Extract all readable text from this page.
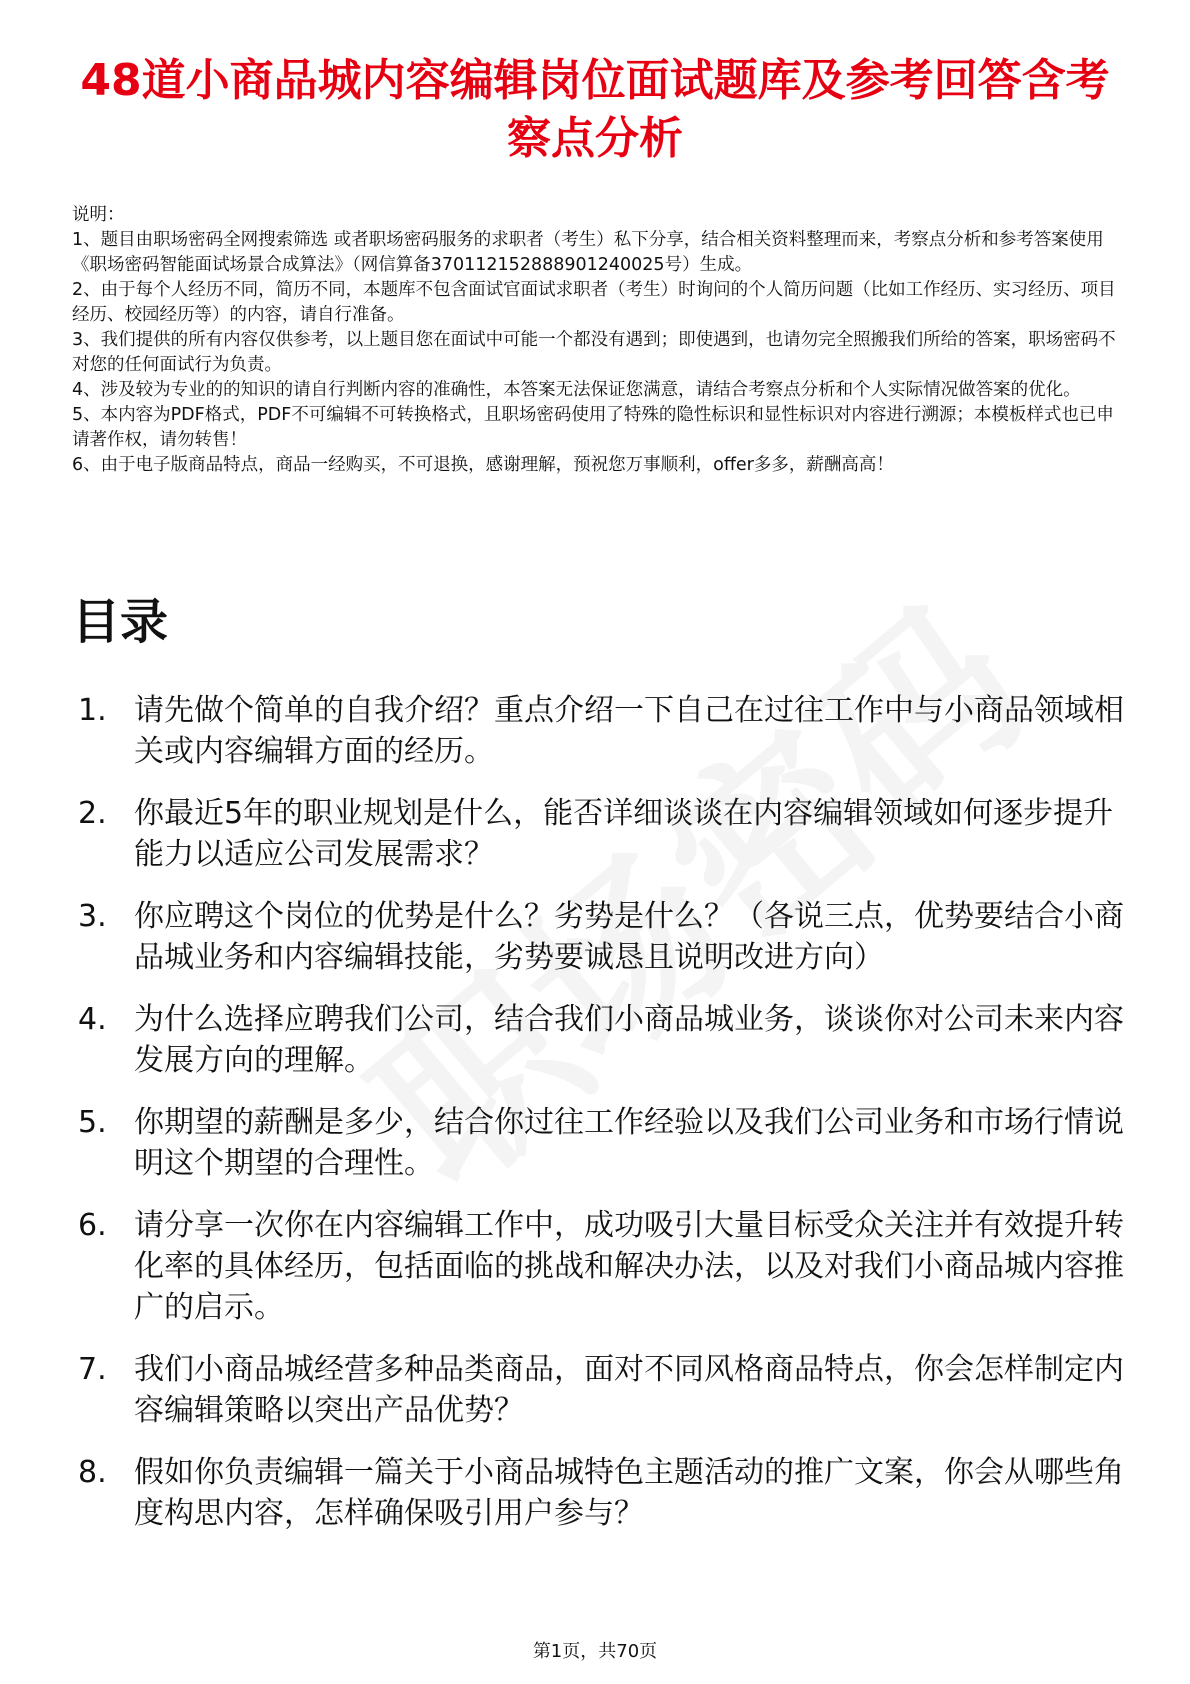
48道小商品城内容编辑岗位面试题库及参考回答含考察点分析

说明：

1、题目由职场密码全网搜索筛选 或者职场密码服务的求职者（考生）私下分享，结合相关资料整理而来，考察点分析和参考答案使用《职场密码智能面试场景合成算法》（网信算备370112152888901240025号）生成。

2、由于每个人经历不同，简历不同，本题库不包含面试官面试求职者（考生）时询问的个人简历问题（比如工作经历、实习经历、项目经历、校园经历等）的内容，请自行准备。

3、我们提供的所有内容仅供参考，以上题目您在面试中可能一个都没有遇到；即使遇到，也请勿完全照搬我们所给的答案，职场密码不对您的任何面试行为负责。

4、涉及较为专业的的知识的请自行判断内容的准确性，本答案无法保证您满意，请结合考察点分析和个人实际情况做答案的优化。

5、本内容为PDF格式，PDF不可编辑不可转换格式，且职场密码使用了特殊的隐性标识和显性标识对内容进行溯源；本模板样式也已申请著作权，请勿转售！

6、由于电子版商品特点，商品一经购买，不可退换，感谢理解，预祝您万事顺利，offer多多，薪酬高高！

目录
1. 请先做个简单的自我介绍？重点介绍一下自己在过往工作中与小商品领域相关或内容编辑方面的经历。
2. 你最近5年的职业规划是什么，能否详细谈谈在内容编辑领域如何逐步提升能力以适应公司发展需求？
3. 你应聘这个岗位的优势是什么？劣势是什么？（各说三点，优势要结合小商品城业务和内容编辑技能，劣势要诚恳且说明改进方向）
4. 为什么选择应聘我们公司，结合我们小商品城业务，谈谈你对公司未来内容发展方向的理解。
5. 你期望的薪酬是多少，结合你过往工作经验以及我们公司业务和市场行情说明这个期望的合理性。
6. 请分享一次你在内容编辑工作中，成功吸引大量目标受众关注并有效提升转化率的具体经历，包括面临的挑战和解决办法，以及对我们小商品城内容推广的启示。
7. 我们小商品城经营多种品类商品，面对不同风格商品特点，你会怎样制定内容编辑策略以突出产品优势？
8. 假如你负责编辑一篇关于小商品城特色主题活动的推广文案，你会从哪些角度构思内容，怎样确保吸引用户参与？
第1页，共70页
